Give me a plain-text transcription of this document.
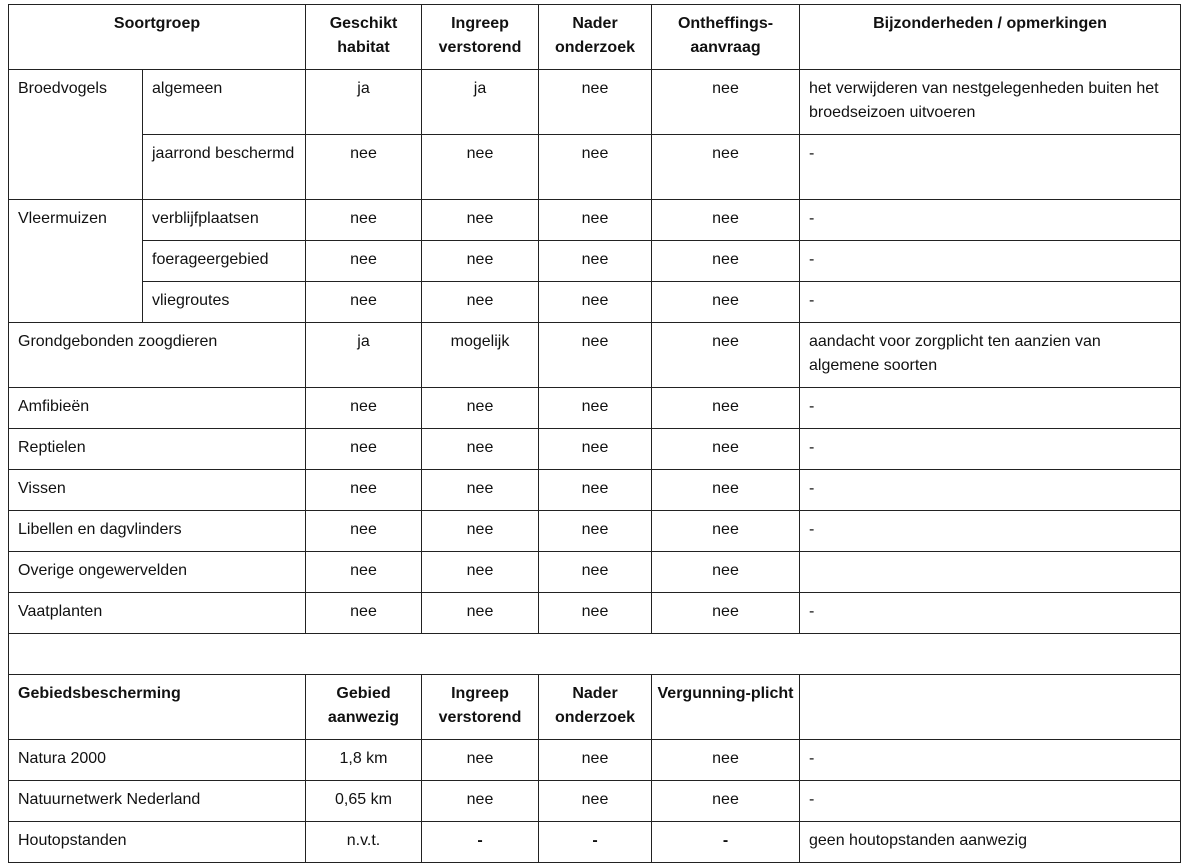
Soortgroep		Geschikt habitat	Ingreep verstorend	Nader onderzoek	Ontheffings-aanvraag	Bijzonderheden / opmerkingen
Broedvogels	algemeen	ja	ja	nee	nee	het verwijderen van nestgelegenheden buiten het broedseizoen uitvoeren
	jaarrond beschermd	nee	nee	nee	nee	-
Vleermuizen	verblijfplaatsen	nee	nee	nee	nee	-
	foerageergebied	nee	nee	nee	nee	-
	vliegroutes	nee	nee	nee	nee	-
Grondgebonden zoogdieren		ja	mogelijk	nee	nee	aandacht voor zorgplicht ten aanzien van algemene soorten
Amfibieën		nee	nee	nee	nee	-
Reptielen		nee	nee	nee	nee	-
Vissen		nee	nee	nee	nee	-
Libellen en dagvlinders		nee	nee	nee	nee	-
Overige ongewervelden		nee	nee	nee	nee	
Vaatplanten		nee	nee	nee	nee	-

Gebiedsbescherming		Gebied aanwezig	Ingreep verstorend	Nader onderzoek	Vergunning-plicht	
Natura 2000		1,8 km	nee	nee	nee	-
Natuurnetwerk Nederland		0,65 km	nee	nee	nee	-
Houtopstanden		n.v.t.	-	-	-	geen houtopstanden aanwezig
